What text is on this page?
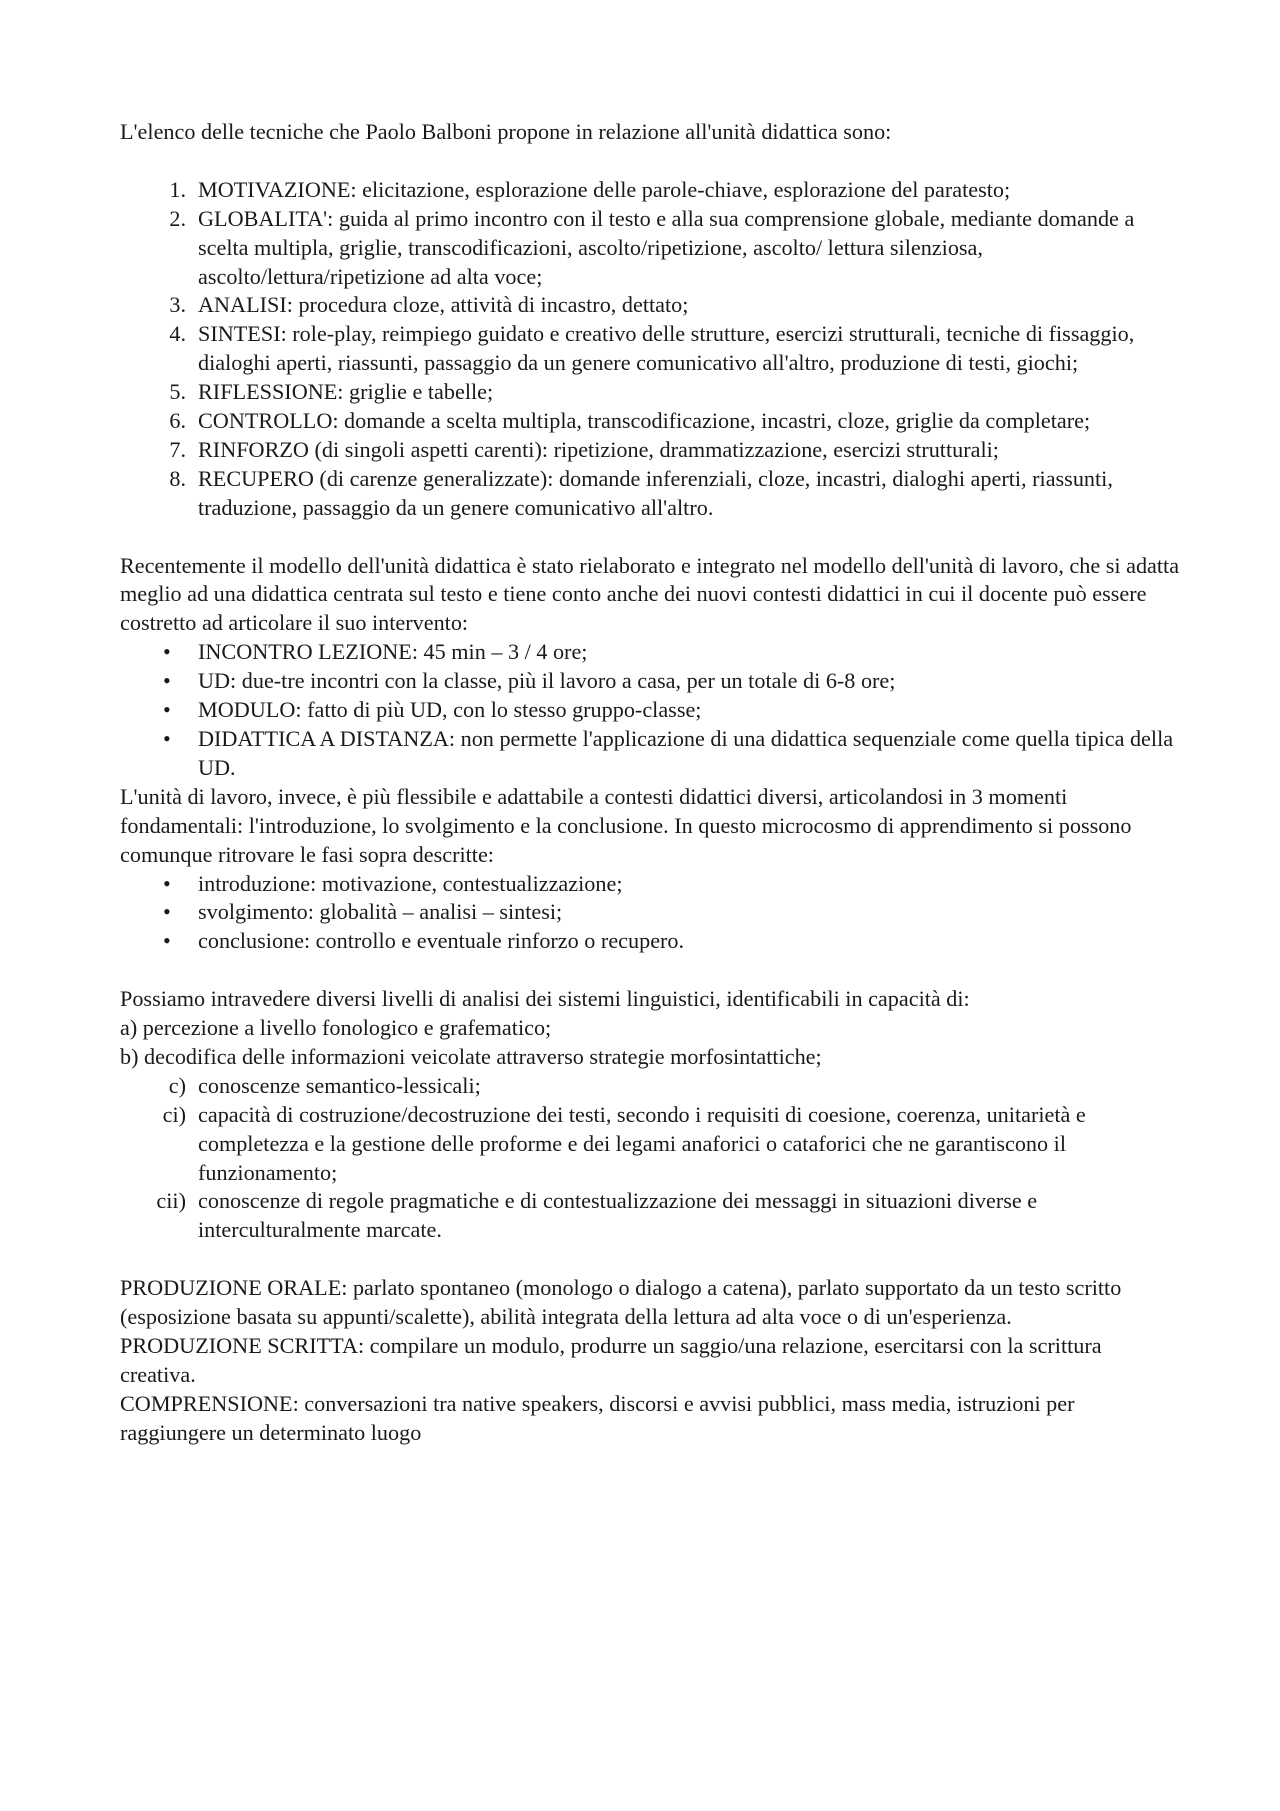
L'elenco delle tecniche che Paolo Balboni propone in relazione all'unità didattica sono:

1. MOTIVAZIONE: elicitazione, esplorazione delle parole-chiave, esplorazione del paratesto;
2. GLOBALITA': guida al primo incontro con il testo e alla sua comprensione globale, mediante domande a scelta multipla, griglie, transcodificazioni, ascolto/ripetizione, ascolto/ lettura silenziosa, ascolto/lettura/ripetizione ad alta voce;
3. ANALISI: procedura cloze, attività di incastro, dettato;
4. SINTESI: role-play, reimpiego guidato e creativo delle strutture, esercizi strutturali, tecniche di fissaggio, dialoghi aperti, riassunti, passaggio da un genere comunicativo all'altro, produzione di testi, giochi;
5. RIFLESSIONE: griglie e tabelle;
6. CONTROLLO: domande a scelta multipla, transcodificazione, incastri, cloze, griglie da completare;
7. RINFORZO (di singoli aspetti carenti): ripetizione, drammatizzazione, esercizi strutturali;
8. RECUPERO (di carenze generalizzate): domande inferenziali, cloze, incastri, dialoghi aperti, riassunti, traduzione, passaggio da un genere comunicativo all'altro.

Recentemente il modello dell'unità didattica è stato rielaborato e integrato nel modello dell'unità di lavoro, che si adatta meglio ad una didattica centrata sul testo e tiene conto anche dei nuovi contesti didattici in cui il docente può essere costretto ad articolare il suo intervento:

•	INCONTRO LEZIONE: 45 min – 3 / 4 ore;
•	UD: due-tre incontri con la classe, più il lavoro a casa, per un totale di 6-8 ore;
•	MODULO: fatto di più UD, con lo stesso gruppo-classe;
•	DIDATTICA A DISTANZA: non permette l'applicazione di una didattica sequenziale come quella tipica della UD.

L'unità di lavoro, invece, è più flessibile e adattabile a contesti didattici diversi, articolandosi in 3 momenti fondamentali: l'introduzione, lo svolgimento e la conclusione. In questo microcosmo di apprendimento si possono comunque ritrovare le fasi sopra descritte:

•	introduzione: motivazione, contestualizzazione;
•	svolgimento: globalità – analisi – sintesi;
•	conclusione: controllo e eventuale rinforzo o recupero.

Possiamo intravedere diversi livelli di analisi dei sistemi linguistici, identificabili in capacità di:

a) percezione a livello fonologico e grafematico;

b) decodifica delle informazioni veicolate attraverso strategie morfosintattiche;

c) conoscenze semantico-lessicali;
ci) capacità di costruzione/decostruzione dei testi, secondo i requisiti di coesione, coerenza, unitarietà e completezza e la gestione delle proforme e dei legami anaforici o cataforici che ne garantiscono il funzionamento;
cii) conoscenze di regole pragmatiche e di contestualizzazione dei messaggi in situazioni diverse e interculturalmente marcate.

PRODUZIONE ORALE: parlato spontaneo (monologo o dialogo a catena), parlato supportato da un testo scritto (esposizione basata su appunti/scalette), abilità integrata della lettura ad alta voce o di un'esperienza.

PRODUZIONE SCRITTA: compilare un modulo, produrre un saggio/una relazione, esercitarsi con la scrittura creativa.

COMPRENSIONE: conversazioni tra native speakers, discorsi e avvisi pubblici, mass media, istruzioni per raggiungere un determinato luogo
